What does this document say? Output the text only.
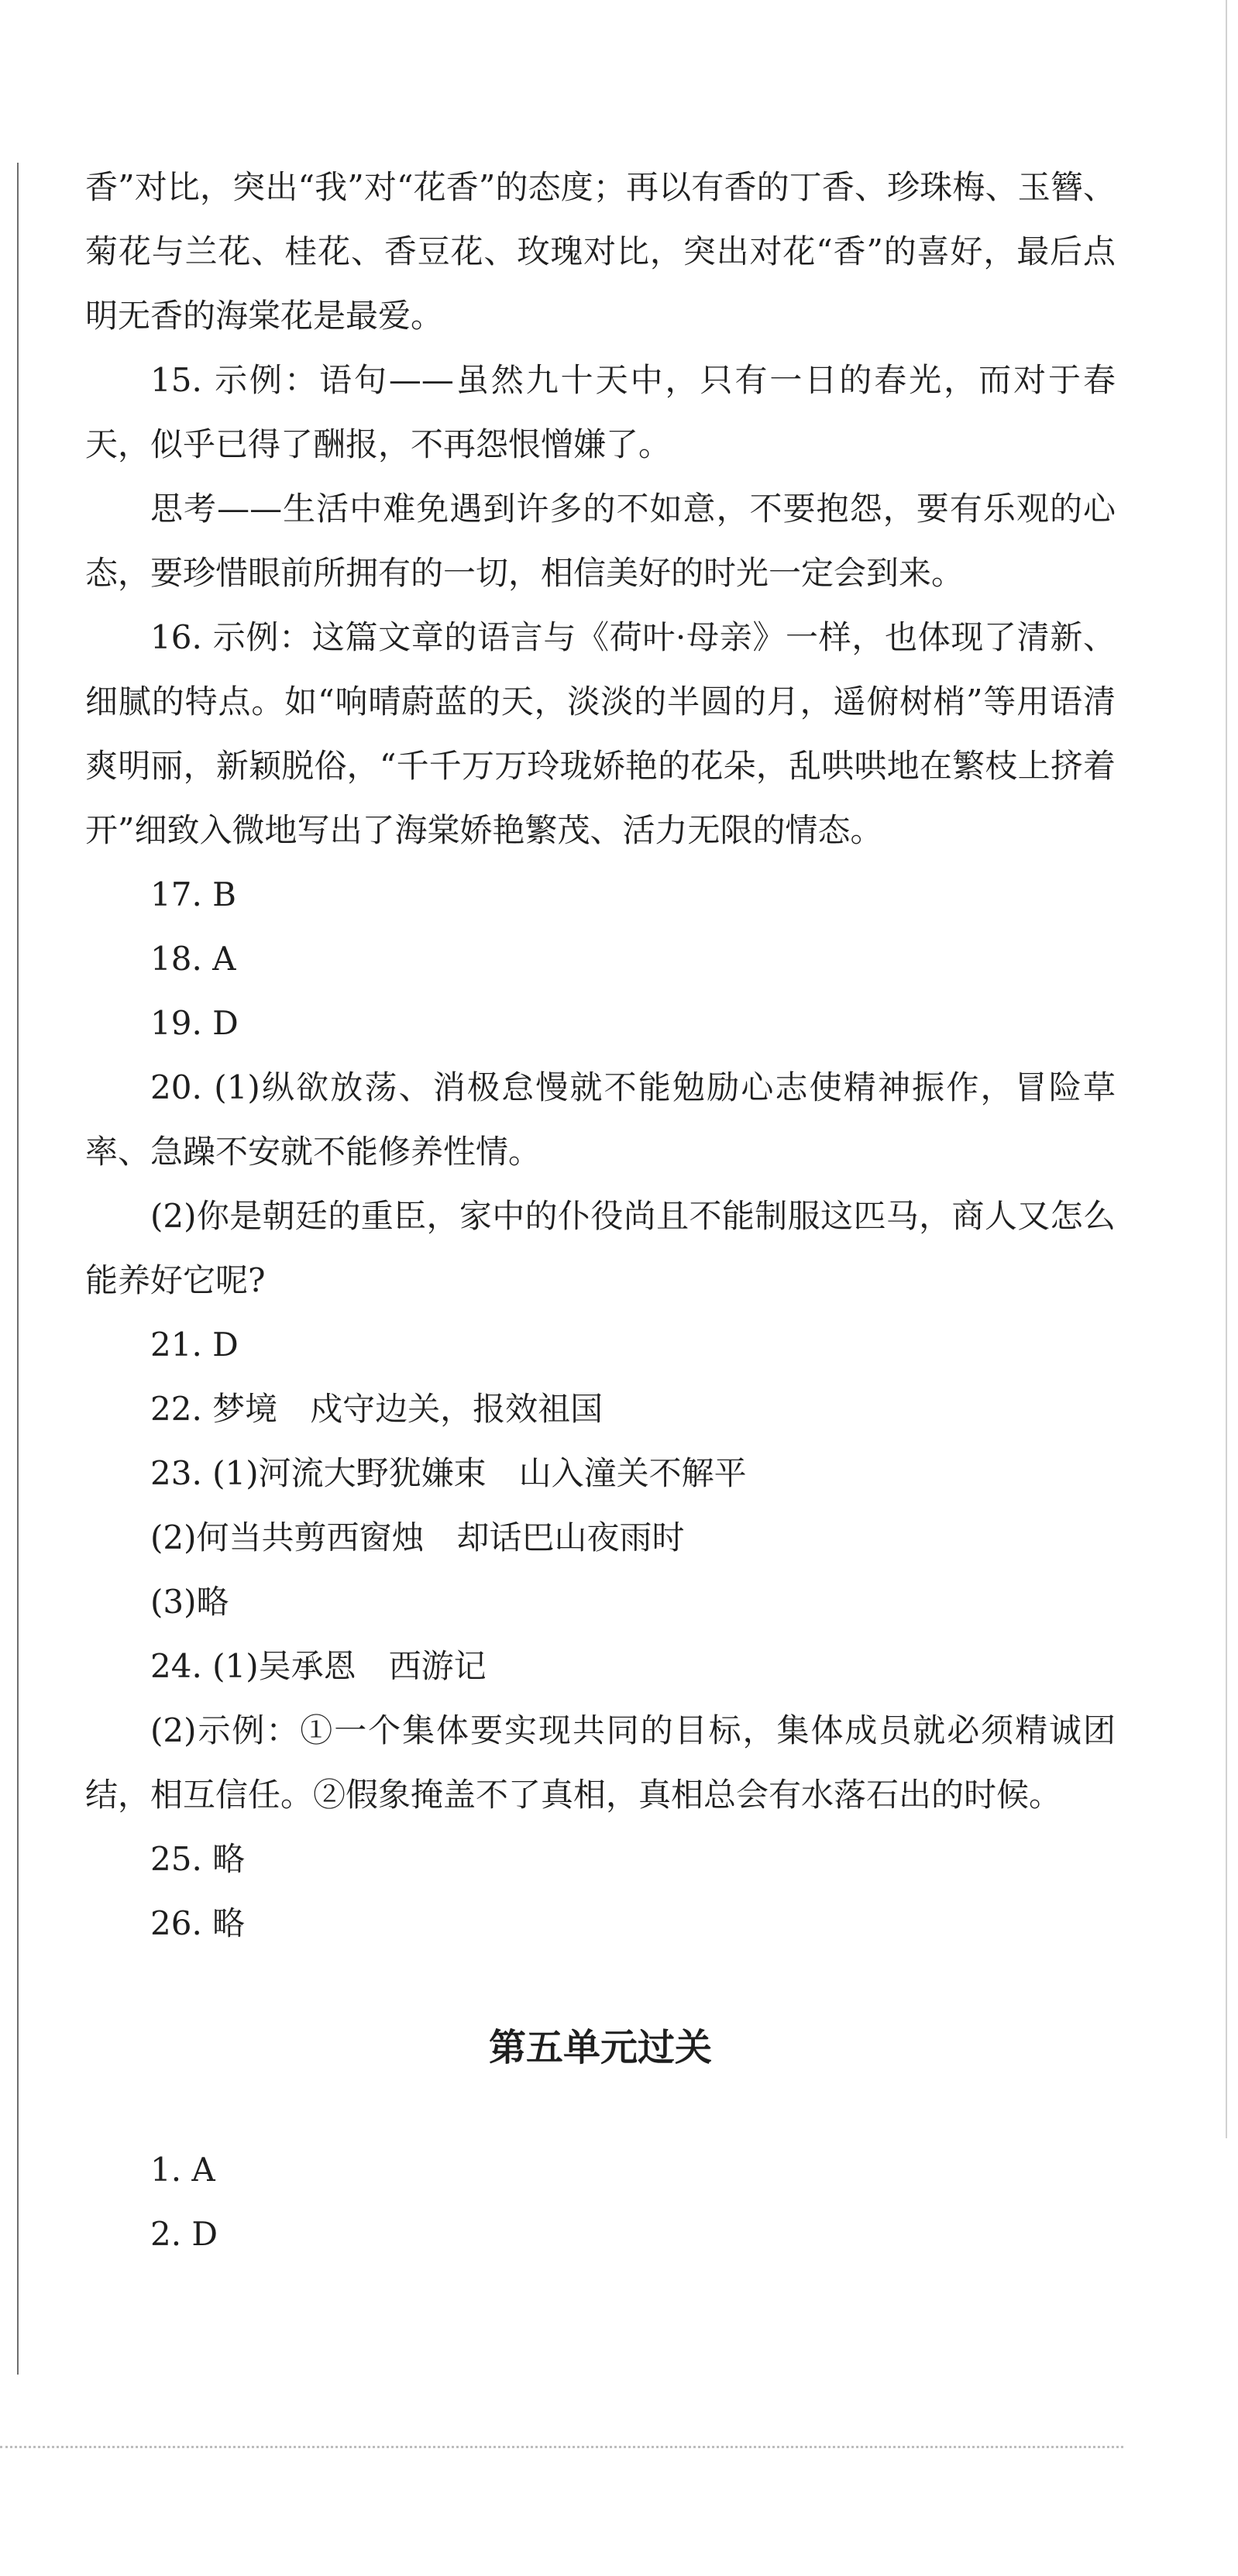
香”对比，突出“我”对“花香”的态度；再以有香的丁香、珍珠梅、玉簪、菊花与兰花、桂花、香豆花、玫瑰对比，突出对花“香”的喜好，最后点明无香的海棠花是最爱。

15. 示例：语句——虽然九十天中，只有一日的春光，而对于春天，似乎已得了酬报，不再怨恨憎嫌了。

思考——生活中难免遇到许多的不如意，不要抱怨，要有乐观的心态，要珍惜眼前所拥有的一切，相信美好的时光一定会到来。

16. 示例：这篇文章的语言与《荷叶·母亲》一样，也体现了清新、细腻的特点。如“响晴蔚蓝的天，淡淡的半圆的月，遥俯树梢”等用语清爽明丽，新颖脱俗，“千千万万玲珑娇艳的花朵，乱哄哄地在繁枝上挤着开”细致入微地写出了海棠娇艳繁茂、活力无限的情态。

17. B

18. A

19. D

20. (1)纵欲放荡、消极怠慢就不能勉励心志使精神振作，冒险草率、急躁不安就不能修养性情。

(2)你是朝廷的重臣，家中的仆役尚且不能制服这匹马，商人又怎么能养好它呢?

21. D

22. 梦境　戍守边关，报效祖国

23. (1)河流大野犹嫌束　山入潼关不解平

(2)何当共剪西窗烛　却话巴山夜雨时

(3)略

24. (1)吴承恩　西游记

(2)示例：①一个集体要实现共同的目标，集体成员就必须精诚团结，相互信任。②假象掩盖不了真相，真相总会有水落石出的时候。

25. 略

26. 略

第五单元过关

1. A

2. D
